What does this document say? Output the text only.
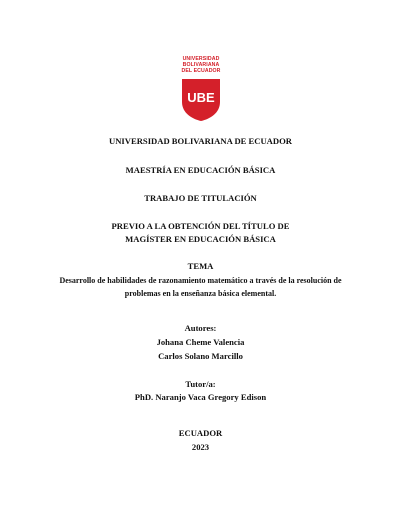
UNIVERSIDAD
BOLIVARIANA
DEL ECUADOR
UBE
UNIVERSIDAD BOLIVARIANA DE ECUADOR
MAESTRÍA EN EDUCACIÓN BÁSICA
TRABAJO DE TITULACIÓN
PREVIO A LA OBTENCIÓN DEL TÍTULO DE
MAGÍSTER EN EDUCACIÓN BÁSICA
TEMA
Desarrollo de habilidades de razonamiento matemático a través de la resolución de
problemas en la enseñanza básica elemental.
Autores:
Johana Cheme Valencia
Carlos Solano Marcillo
Tutor/a:
PhD. Naranjo Vaca Gregory Edison
ECUADOR
2023
